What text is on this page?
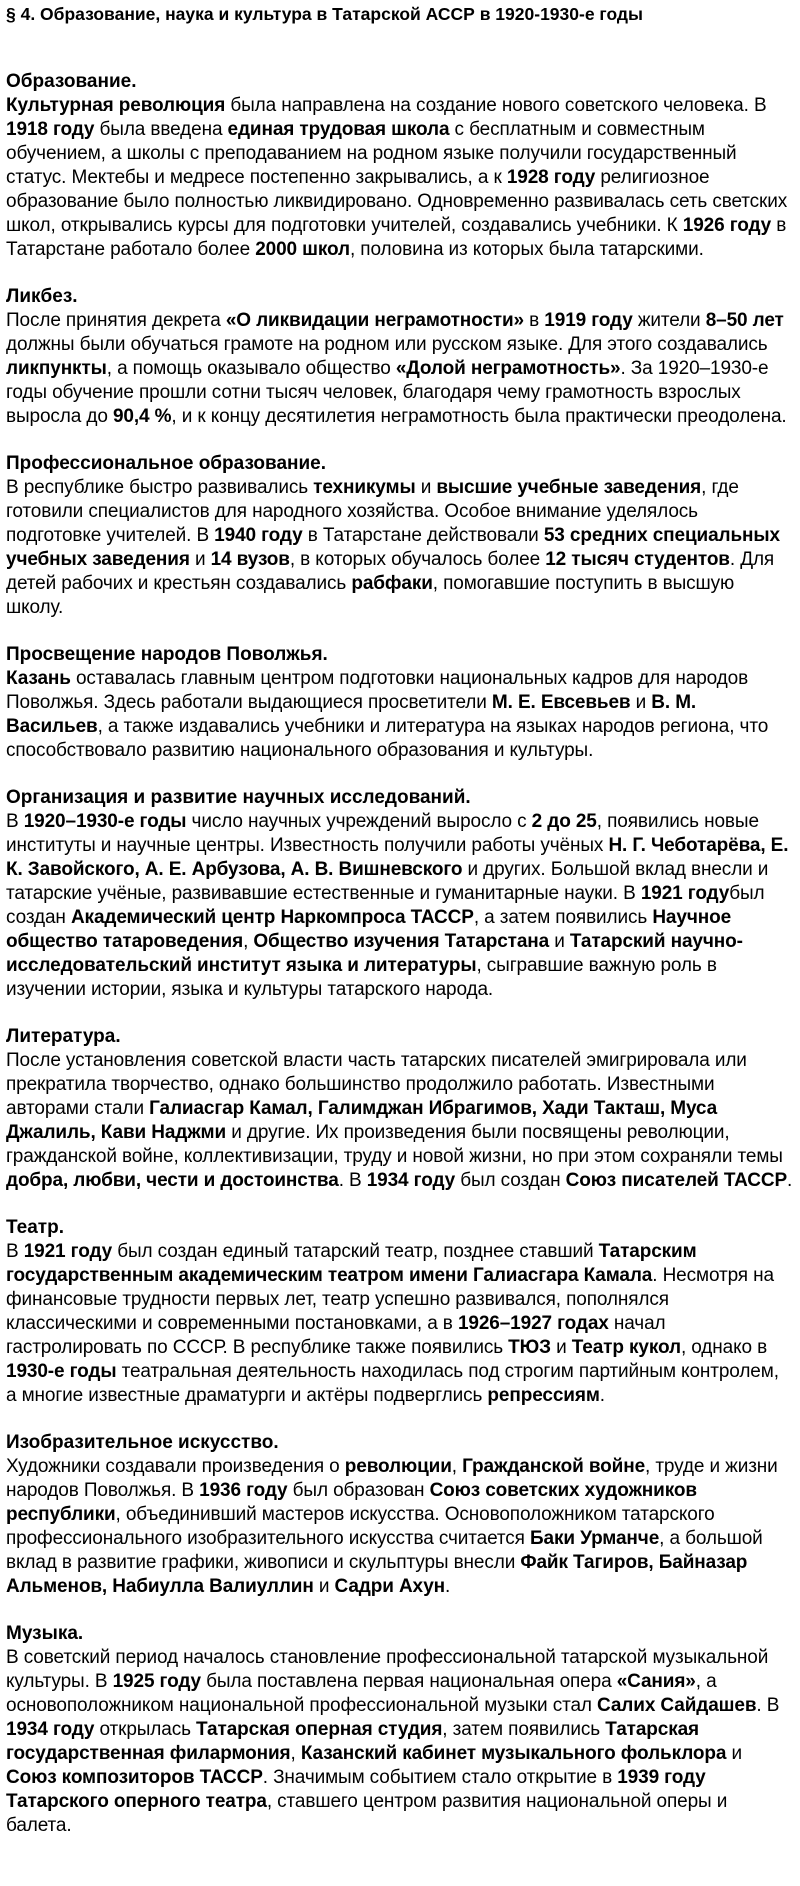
§ 4. Образование, наука и культура в Татарской АССР в 1920-1930-е годы
Образование.

Культурная революция была направлена на создание нового советского человека. В 1918 году была введена единая трудовая школа с бесплатным и совместным обучением, а школы с преподаванием на родном языке получили государственный статус. Мектебы и медресе постепенно закрывались, а к 1928 году религиозное образование было полностью ликвидировано. Одновременно развивалась сеть светских школ, открывались курсы для подготовки учителей, создавались учебники. К 1926 году в Татарстане работало более 2000 школ, половина из которых была татарскими.

Ликбез.

После принятия декрета «О ликвидации неграмотности» в 1919 году жители 8–50 лет должны были обучаться грамоте на родном или русском языке. Для этого создавались ликпункты, а помощь оказывало общество «Долой неграмотность». За 1920–1930-е годы обучение прошли сотни тысяч человек, благодаря чему грамотность взрослых выросла до 90,4 %, и к концу десятилетия неграмотность была практически преодолена.

Профессиональное образование.

В республике быстро развивались техникумы и высшие учебные заведения, где готовили специалистов для народного хозяйства. Особое внимание уделялось подготовке учителей. В 1940 году в Татарстане действовали 53 средних специальных учебных заведения и 14 вузов, в которых обучалось более 12 тысяч студентов. Для детей рабочих и крестьян создавались рабфаки, помогавшие поступить в высшую школу.

Просвещение народов Поволжья.

Казань оставалась главным центром подготовки национальных кадров для народов Поволжья. Здесь работали выдающиеся просветители М. Е. Евсевьев и В. М. Васильев, а также издавались учебники и литература на языках народов региона, что способствовало развитию национального образования и культуры.

Организация и развитие научных исследований.

В 1920–1930-е годы число научных учреждений выросло с 2 до 25, появились новые институты и научные центры. Известность получили работы учёных Н. Г. Чеботарёва, Е. К. Завойского, А. Е. Арбузова, А. В. Вишневского и других. Большой вклад внесли и татарские учёные, развивавшие естественные и гуманитарные науки. В 1921 годубыл создан Академический центр Наркомпроса ТАССР, а затем появились Научное общество татароведения, Общество изучения Татарстана и Татарский научно-исследовательский институт языка и литературы, сыгравшие важную роль в изучении истории, языка и культуры татарского народа.

Литература.

После установления советской власти часть татарских писателей эмигрировала или прекратила творчество, однако большинство продолжило работать. Известными авторами стали Галиасгар Камал, Галимджан Ибрагимов, Хади Такташ, Муса Джалиль, Кави Наджми и другие. Их произведения были посвящены революции, гражданской войне, коллективизации, труду и новой жизни, но при этом сохраняли темы добра, любви, чести и достоинства. В 1934 году был создан Союз писателей ТАССР.

Театр.

В 1921 году был создан единый татарский театр, позднее ставший Татарским государственным академическим театром имени Галиасгара Камала. Несмотря на финансовые трудности первых лет, театр успешно развивался, пополнялся классическими и современными постановками, а в 1926–1927 годах начал гастролировать по СССР. В республике также появились ТЮЗ и Театр кукол, однако в 1930-е годы театральная деятельность находилась под строгим партийным контролем, а многие известные драматурги и актёры подверглись репрессиям.

Изобразительное искусство.

Художники создавали произведения о революции, Гражданской войне, труде и жизни народов Поволжья. В 1936 году был образован Союз советских художников республики, объединивший мастеров искусства. Основоположником татарского профессионального изобразительного искусства считается Баки Урманче, а большой вклад в развитие графики, живописи и скульптуры внесли Файк Тагиров, Байназар Альменов, Набиулла Валиуллин и Садри Ахун.

Музыка.

В советский период началось становление профессиональной татарской музыкальной культуры. В 1925 году была поставлена первая национальная опера «Сания», а основоположником национальной профессиональной музыки стал Салих Сайдашев. В 1934 году открылась Татарская оперная студия, затем появились Татарская государственная филармония, Казанский кабинет музыкального фольклора и Союз композиторов ТАССР. Значимым событием стало открытие в 1939 году Татарского оперного театра, ставшего центром развития национальной оперы и балета.
